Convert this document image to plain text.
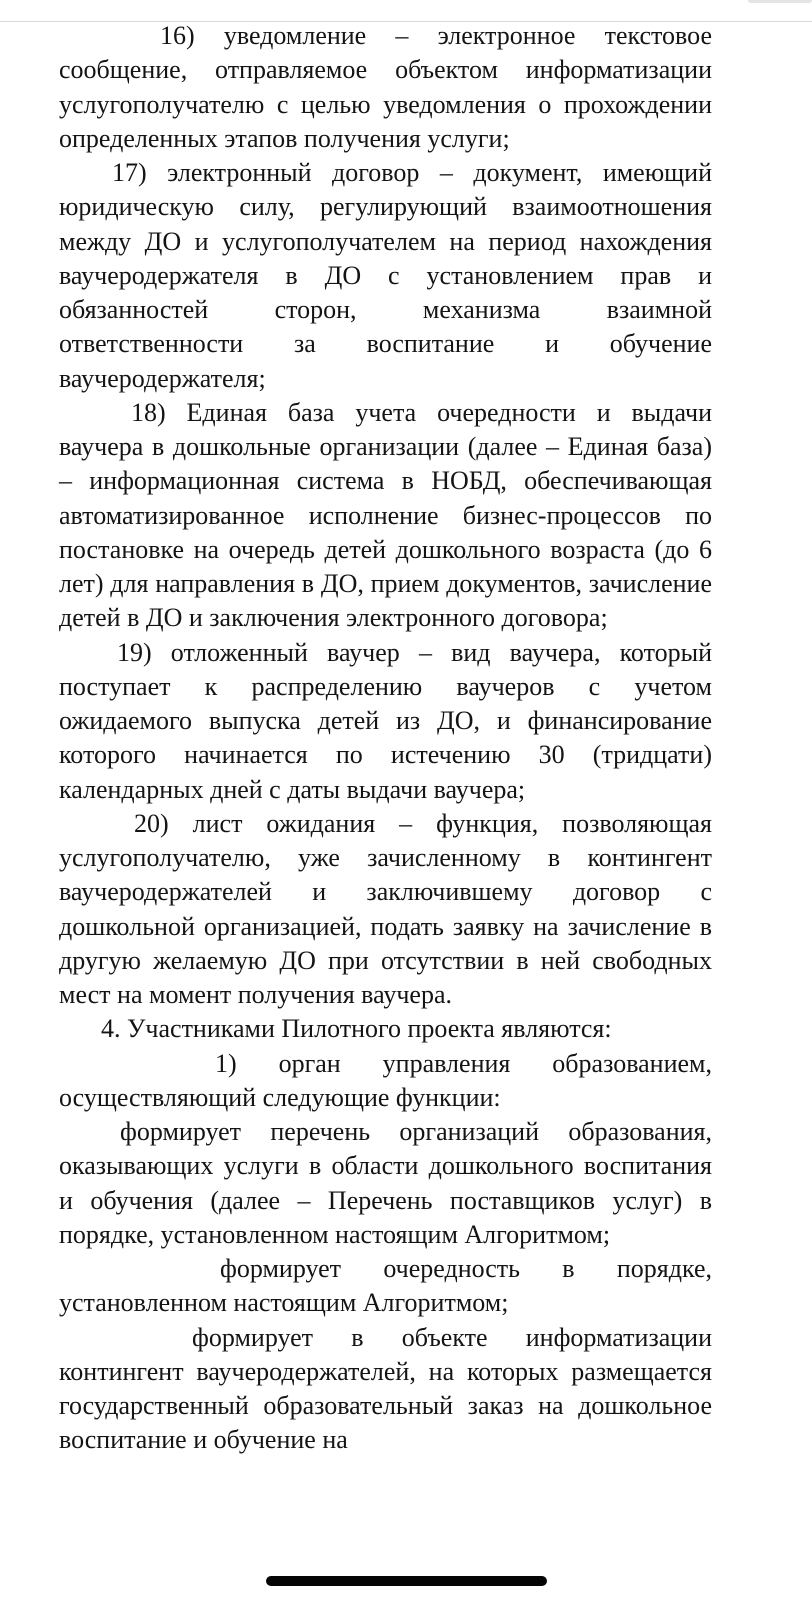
16) уведомление – электронное текстовое сообщение, отправляемое объектом информатизации услугополучателю с целью уведомления о прохождении определенных этапов получения услуги;

17) электронный договор – документ, имеющий юридическую силу, регулирующий взаимоотношения между ДО и услугополучателем на период нахождения ваучеродержателя в ДО с установлением прав и обязанностей сторон, механизма взаимной ответственности за воспитание и обучение ваучеродержателя;

18) Единая база учета очередности и выдачи ваучера в дошкольные организации (далее – Единая база) – информационная система в НОБД, обеспечивающая автоматизированное исполнение бизнес-процессов по постановке на очередь детей дошкольного возраста (до 6 лет) для направления в ДО, прием документов, зачисление детей в ДО и заключения электронного договора;

19) отложенный ваучер – вид ваучера, который поступает к распределению ваучеров с учетом ожидаемого выпуска детей из ДО, и финансирование которого начинается по истечению 30 (тридцати) календарных дней с даты выдачи ваучера;

20) лист ожидания – функция, позволяющая услугополучателю, уже зачисленному в контингент ваучеродержателей и заключившему договор с дошкольной организацией, подать заявку на зачисление в другую желаемую ДО при отсутствии в ней свободных мест на момент получения ваучера.

4. Участниками Пилотного проекта являются:

1) орган управления образованием, осуществляющий следующие функции:

формирует перечень организаций образования, оказывающих услуги в области дошкольного воспитания и обучения (далее – Перечень поставщиков услуг) в порядке, установленном настоящим Алгоритмом;

формирует очередность в порядке, установленном настоящим Алгоритмом;

формирует в объекте информатизации контингент ваучеродержателей, на которых размещается государственный образовательный заказ на дошкольное воспитание и обучение на
